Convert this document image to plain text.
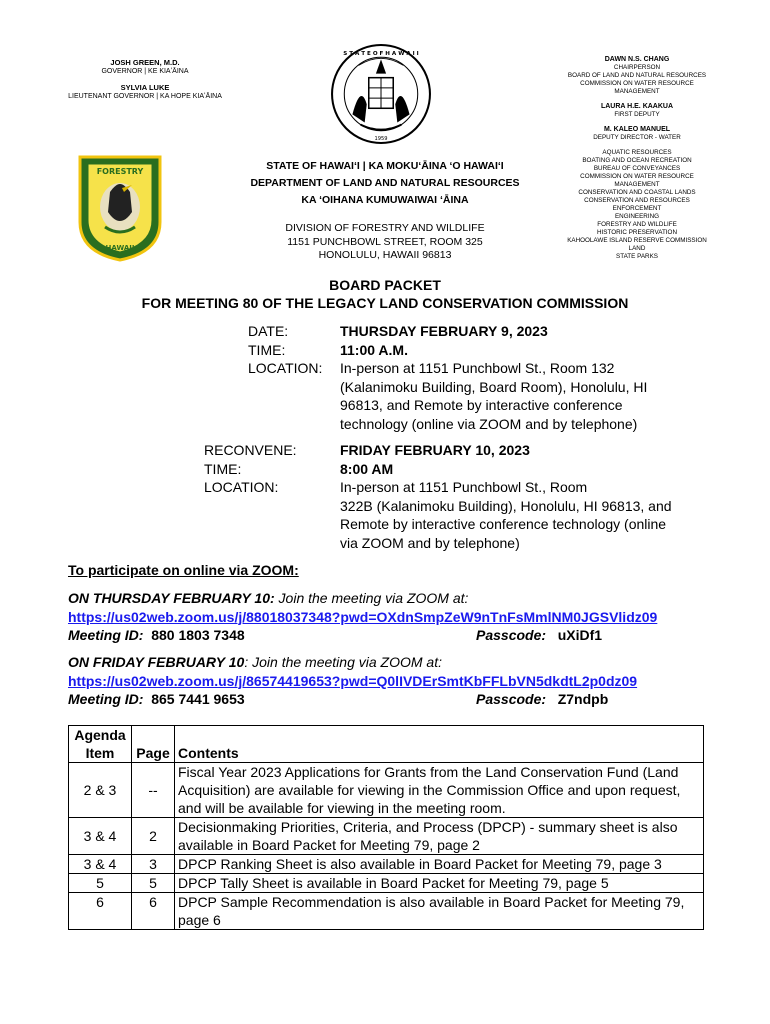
JOSH GREEN, M.D.
GOVERNOR | KE KIAʻĀINA
SYLVIA LUKE
LIEUTENANT GOVERNOR | KA HOPE KIAʻĀINA
S T A T E O F H A W A I I
1959
FORESTRY
HAWAII
STATE OF HAWAIʻI | KA MOKUʻĀINA ʻO HAWAIʻI
DEPARTMENT OF LAND AND NATURAL RESOURCES
KA ʻOIHANA KUMUWAIWAI ʻĀINA
DIVISION OF FORESTRY AND WILDLIFE
1151 PUNCHBOWL STREET, ROOM 325
HONOLULU, HAWAII 96813
DAWN N.S. CHANG
CHAIRPERSON
BOARD OF LAND AND NATURAL RESOURCES
COMMISSION ON WATER RESOURCE
MANAGEMENT
LAURA H.E. KAAKUA
FIRST DEPUTY
M. KALEO MANUEL
DEPUTY DIRECTOR - WATER
AQUATIC RESOURCES
BOATING AND OCEAN RECREATION
BUREAU OF CONVEYANCES
COMMISSION ON WATER RESOURCE
MANAGEMENT
CONSERVATION AND COASTAL LANDS
CONSERVATION AND RESOURCES
ENFORCEMENT
ENGINEERING
FORESTRY AND WILDLIFE
HISTORIC PRESERVATION
KAHOOLAWE ISLAND RESERVE COMMISSION
LAND
STATE PARKS
BOARD PACKET
FOR MEETING 80 OF THE LEGACY LAND CONSERVATION COMMISSION
DATE:	THURSDAY FEBRUARY 9, 2023
TIME:	11:00 A.M.
LOCATION: In-person at 1151 Punchbowl St., Room 132
(Kalanimoku Building, Board Room), Honolulu, HI
96813, and Remote by interactive conference
technology (online via ZOOM and by telephone)
RECONVENE:	FRIDAY FEBRUARY 10, 2023
TIME:	8:00 AM
LOCATION:	In-person at 1151 Punchbowl St., Room
322B (Kalanimoku Building), Honolulu, HI 96813, and
Remote by interactive conference technology (online
via ZOOM and by telephone)
To participate on online via ZOOM:
ON THURSDAY FEBRUARY 10: Join the meeting via ZOOM at:
https://us02web.zoom.us/j/88018037348?pwd=OXdnSmpZeW9nTnFsMmlNM0JGSVlidz09
Meeting ID: 880 1803 7348	Passcode: uXiDf1
ON FRIDAY FEBRUARY 10: Join the meeting via ZOOM at:
https://us02web.zoom.us/j/86574419653?pwd=Q0lIVDErSmtKbFFLbVN5dkdtL2p0dz09
Meeting ID: 865 7441 9653	Passcode: Z7ndpb
Agenda
Item	Page	Contents
2 & 3	--	Fiscal Year 2023 Applications for Grants from the Land Conservation Fund (Land Acquisition) are available for viewing in the Commission Office and upon request, and will be available for viewing in the meeting room.
3 & 4	2	Decisionmaking Priorities, Criteria, and Process (DPCP) - summary sheet is also available in Board Packet for Meeting 79, page 2
3 & 4	3	DPCP Ranking Sheet is also available in Board Packet for Meeting 79, page 3
5	5	DPCP Tally Sheet is available in Board Packet for Meeting 79, page 5
6	6	DPCP Sample Recommendation is also available in Board Packet for Meeting 79, page 6
